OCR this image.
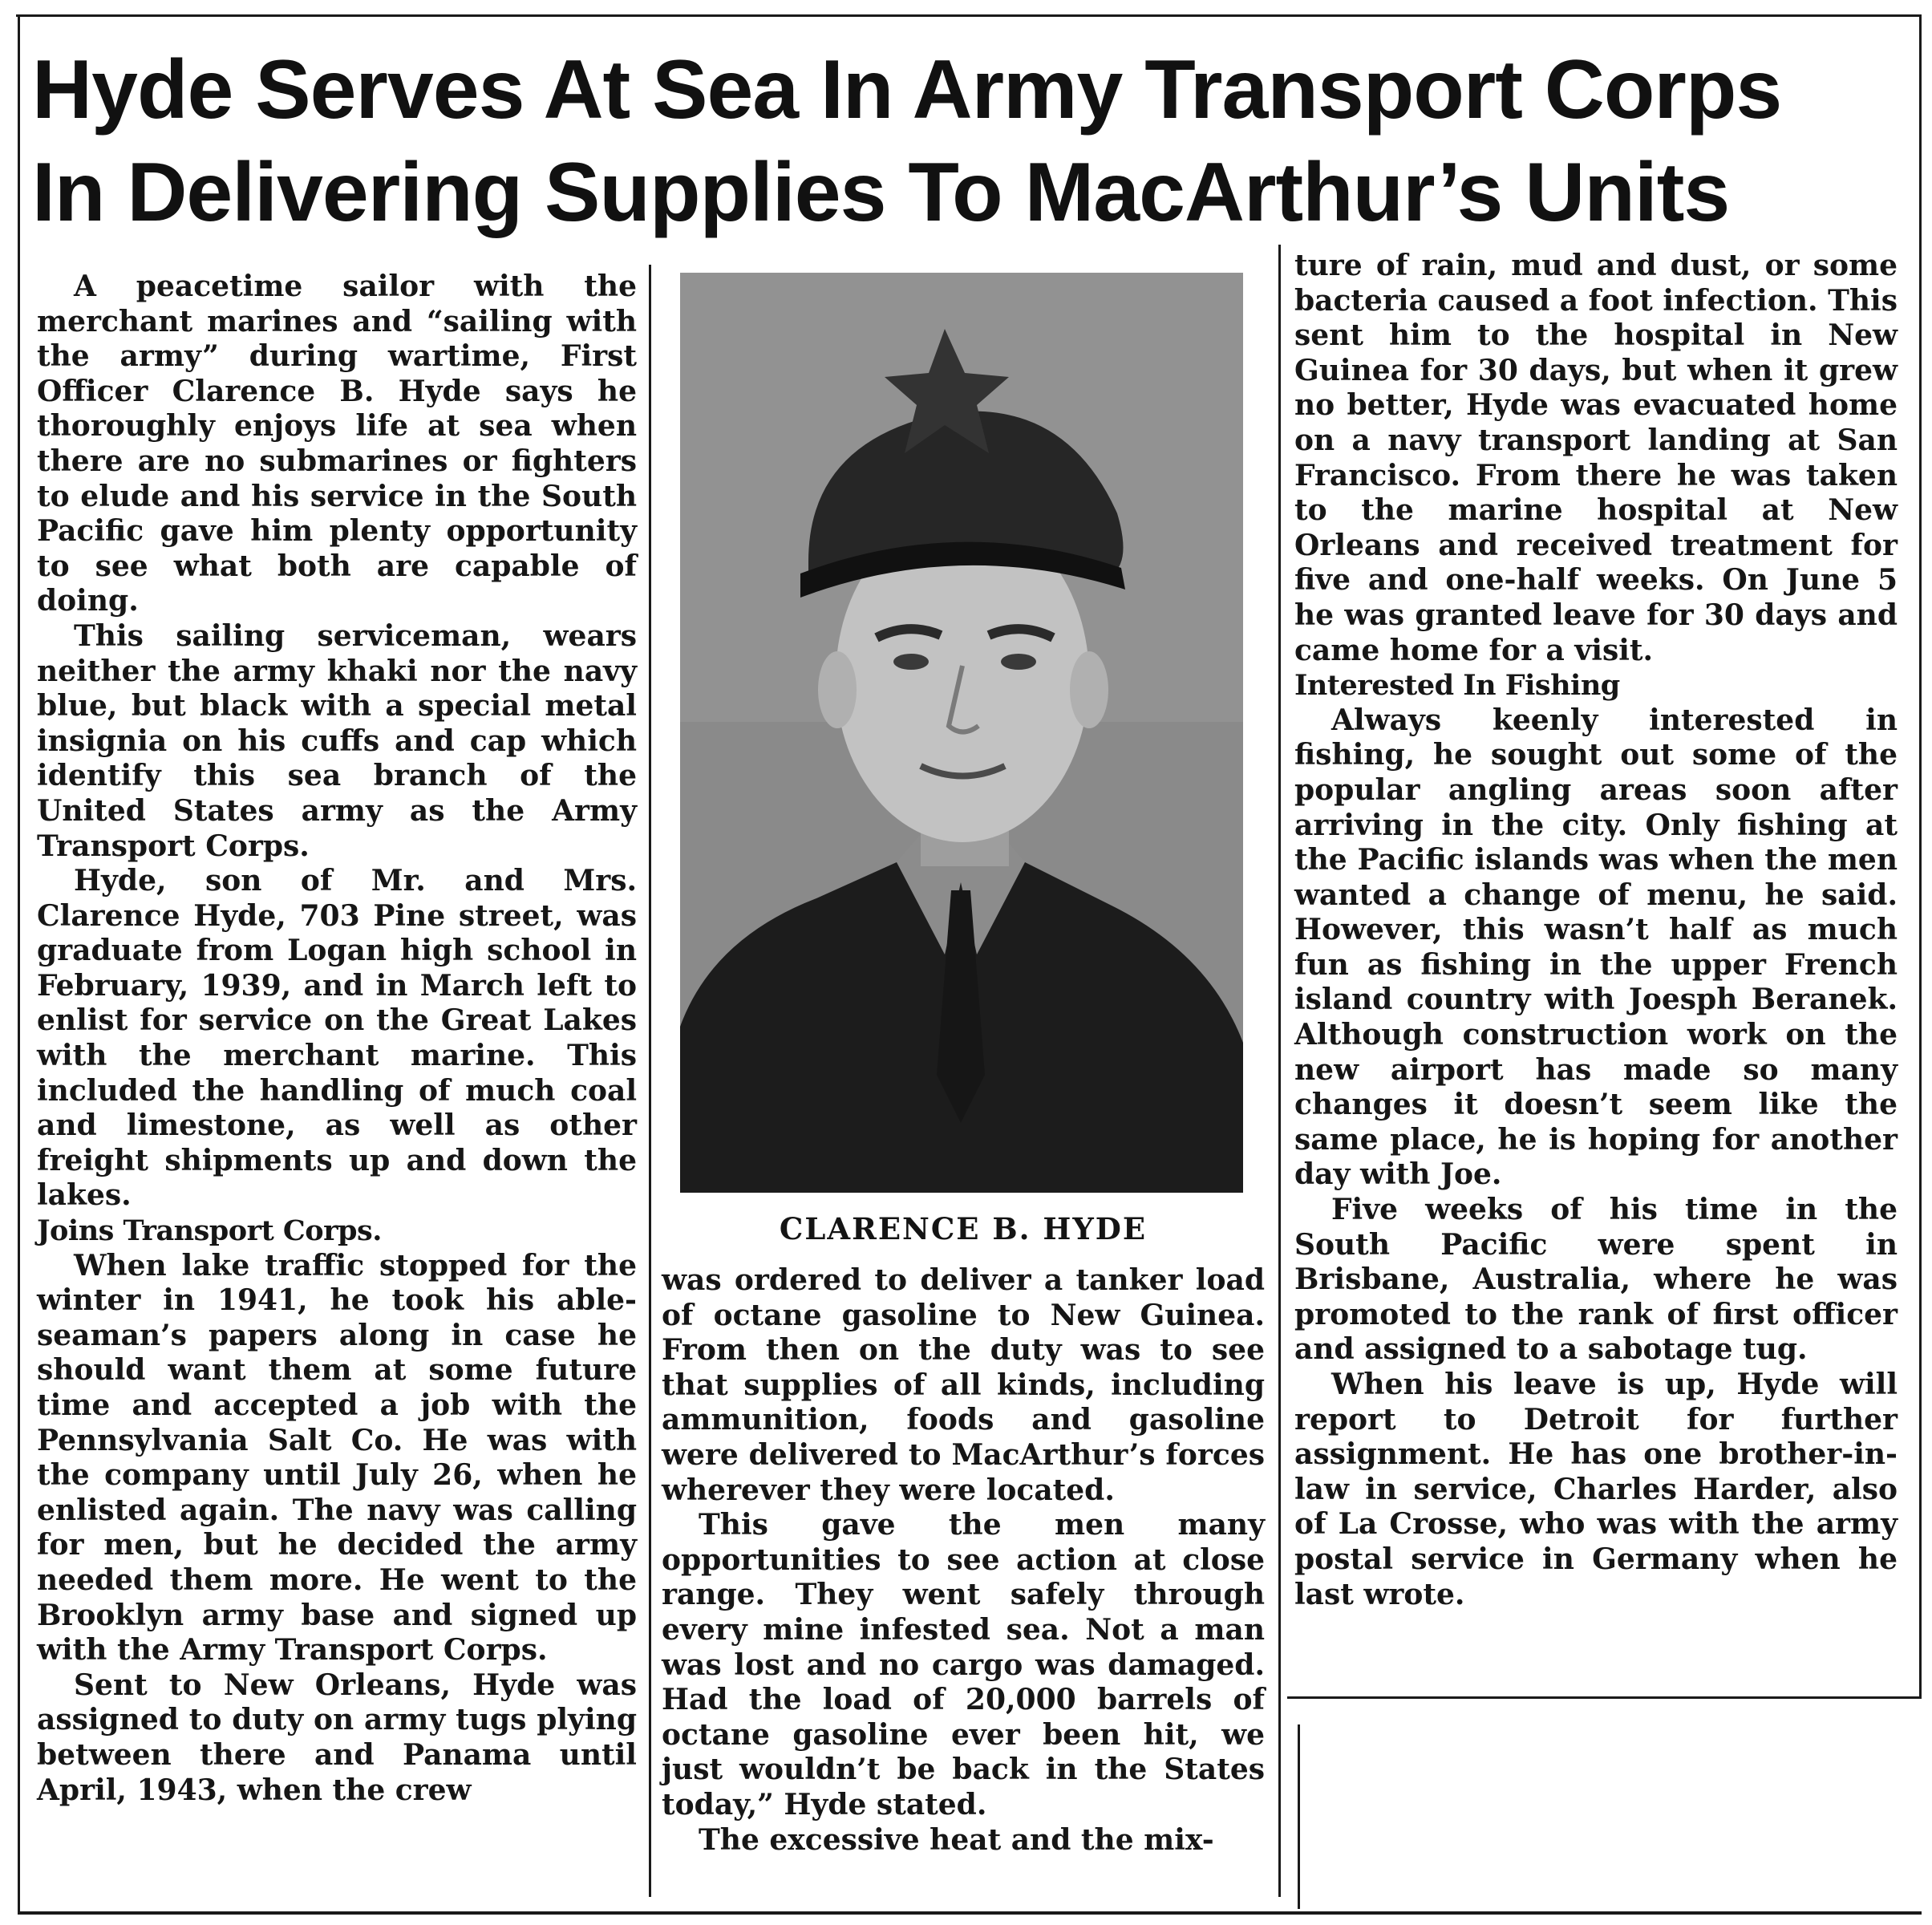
Hyde Serves At Sea In Army Transport Corps
In Delivering Supplies To MacArthur’s Units

A peacetime sailor with the merchant marines and “sailing with the army” during wartime, First Officer Clarence B. Hyde says he thoroughly enjoys life at sea when there are no submarines or fighters to elude and his service in the South Pacific gave him plenty opportunity to see what both are capable of doing.

This sailing serviceman, wears neither the army khaki nor the navy blue, but black with a special metal insignia on his cuffs and cap which identify this sea branch of the United States army as the Army Transport Corps.

Hyde, son of Mr. and Mrs. Clarence Hyde, 703 Pine street, was graduate from Logan high school in February, 1939, and in March left to enlist for service on the Great Lakes with the merchant marine. This included the handling of much coal and limestone, as well as other freight shipments up and down the lakes.

Joins Transport Corps.

When lake traffic stopped for the winter in 1941, he took his able-seaman’s papers along in case he should want them at some future time and accepted a job with the Pennsylvania Salt Co. He was with the company until July 26, when he enlisted again. The navy was calling for men, but he decided the army needed them more. He went to the Brooklyn army base and signed up with the Army Transport Corps.

Sent to New Orleans, Hyde was assigned to duty on army tugs plying between there and Panama until April, 1943, when the crew

CLARENCE B. HYDE

was ordered to deliver a tanker load of octane gasoline to New Guinea. From then on the duty was to see that supplies of all kinds, including ammunition, foods and gasoline were delivered to MacArthur’s forces wherever they were located.

This gave the men many opportunities to see action at close range. They went safely through every mine infested sea. Not a man was lost and no cargo was damaged. Had the load of 20,000 barrels of octane gasoline ever been hit, we just wouldn’t be back in the States today,” Hyde stated.

The excessive heat and the mix-

ture of rain, mud and dust, or some bacteria caused a foot infection. This sent him to the hospital in New Guinea for 30 days, but when it grew no better, Hyde was evacuated home on a navy transport landing at San Francisco. From there he was taken to the marine hospital at New Orleans and received treatment for five and one-half weeks. On June 5 he was granted leave for 30 days and came home for a visit.

Interested In Fishing

Always keenly interested in fishing, he sought out some of the popular angling areas soon after arriving in the city. Only fishing at the Pacific islands was when the men wanted a change of menu, he said. However, this wasn’t half as much fun as fishing in the upper French island country with Joesph Beranek. Although construction work on the new airport has made so many changes it doesn’t seem like the same place, he is hoping for another day with Joe.

Five weeks of his time in the South Pacific were spent in Brisbane, Australia, where he was promoted to the rank of first officer and assigned to a sabotage tug.

When his leave is up, Hyde will report to Detroit for further assignment. He has one brother-in-law in service, Charles Harder, also of La Crosse, who was with the army postal service in Germany when he last wrote.
